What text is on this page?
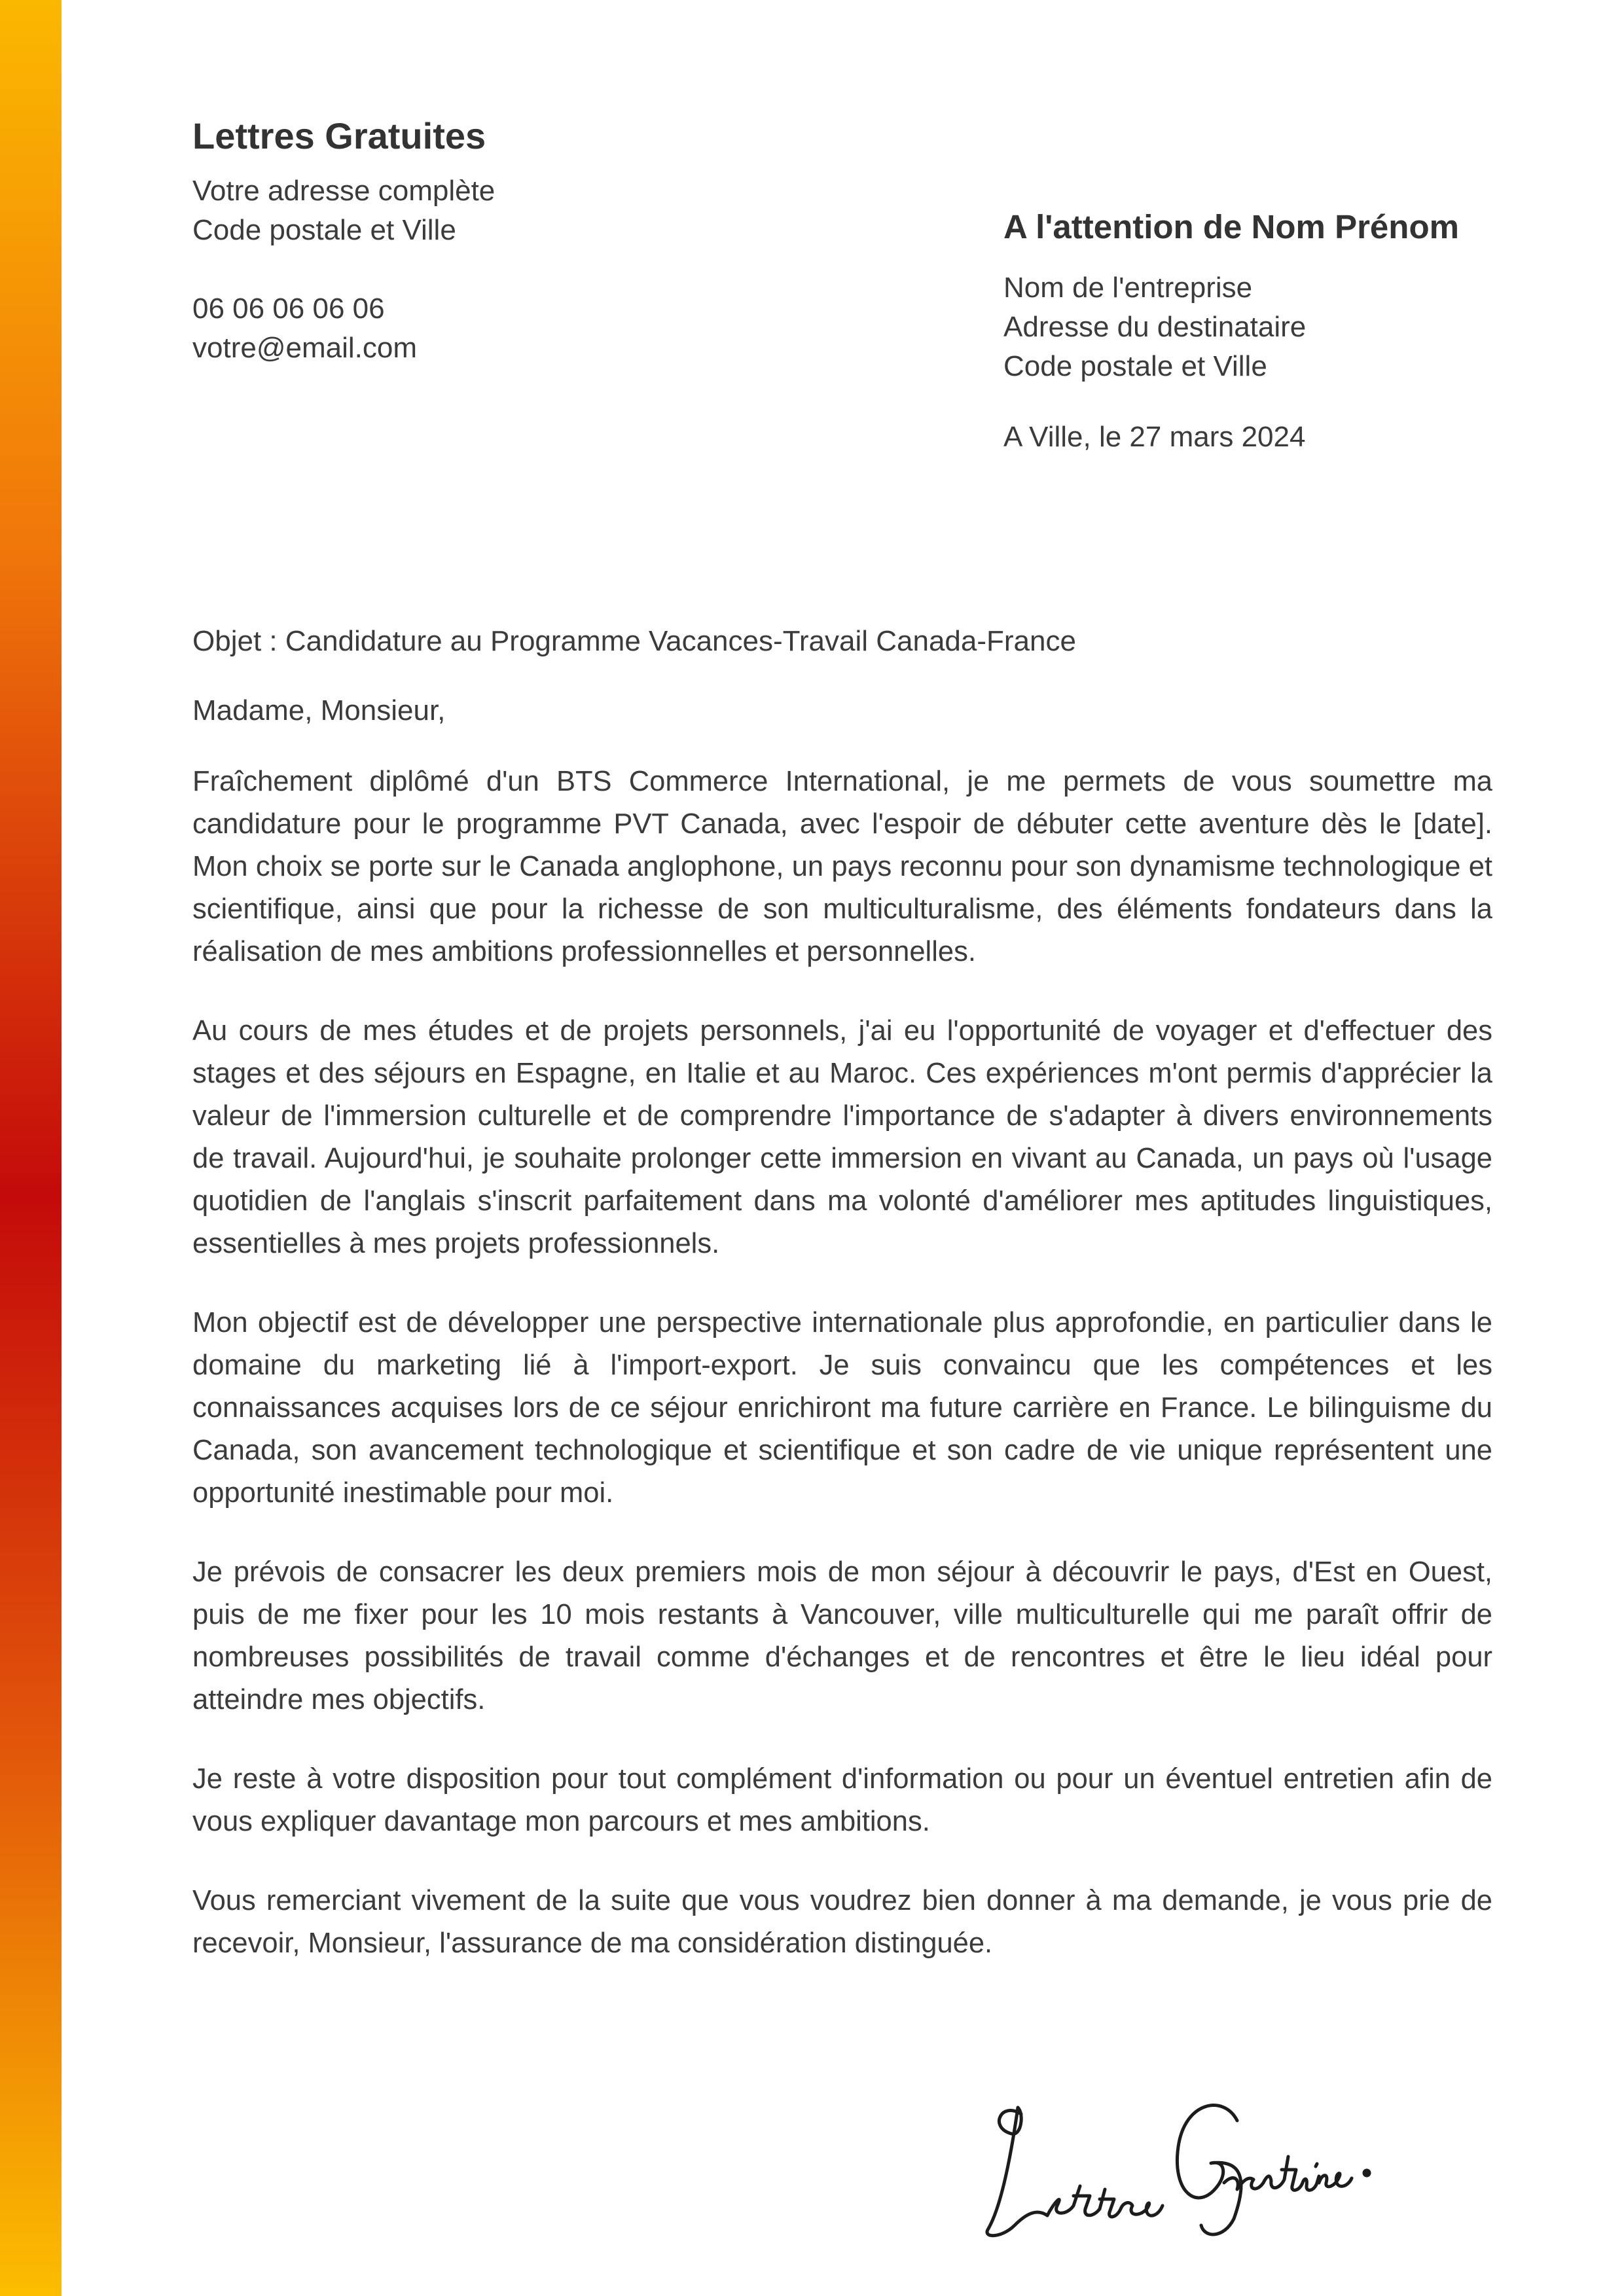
Lettres Gratuites
Votre adresse complète
Code postale et Ville
06 06 06 06 06
votre@email.com
A l'attention de Nom Prénom
Nom de l'entreprise
Adresse du destinataire
Code postale et Ville
A Ville, le 27 mars 2024
Objet : Candidature au Programme Vacances-Travail Canada-France
Madame, Monsieur,

Fraîchement diplômé d'un BTS Commerce International, je me permets de vous soumettre ma candidature pour le programme PVT Canada, avec l'espoir de débuter cette aventure dès le [date]. Mon choix se porte sur le Canada anglophone, un pays reconnu pour son dynamisme technologique et scientifique, ainsi que pour la richesse de son multiculturalisme, des éléments fondateurs dans la réalisation de mes ambitions professionnelles et personnelles.

Au cours de mes études et de projets personnels, j'ai eu l'opportunité de voyager et d'effectuer des stages et des séjours en Espagne, en Italie et au Maroc. Ces expériences m'ont permis d'apprécier la valeur de l'immersion culturelle et de comprendre l'importance de s'adapter à divers environnements de travail. Aujourd'hui, je souhaite prolonger cette immersion en vivant au Canada, un pays où l'usage quotidien de l'anglais s'inscrit parfaitement dans ma volonté d'améliorer mes aptitudes linguistiques, essentielles à mes projets professionnels.

Mon objectif est de développer une perspective internationale plus approfondie, en particulier dans le domaine du marketing lié à l'import-export. Je suis convaincu que les compétences et les connaissances acquises lors de ce séjour enrichiront ma future carrière en France. Le bilinguisme du Canada, son avancement technologique et scientifique et son cadre de vie unique représentent une opportunité inestimable pour moi.

Je prévois de consacrer les deux premiers mois de mon séjour à découvrir le pays, d'Est en Ouest, puis de me fixer pour les 10 mois restants à Vancouver, ville multiculturelle qui me paraît offrir de nombreuses possibilités de travail comme d'échanges et de rencontres et être le lieu idéal pour atteindre mes objectifs.

Je reste à votre disposition pour tout complément d'information ou pour un éventuel entretien afin de vous expliquer davantage mon parcours et mes ambitions.

Vous remerciant vivement de la suite que vous voudrez bien donner à ma demande, je vous prie de recevoir, Monsieur, l'assurance de ma considération distinguée.
